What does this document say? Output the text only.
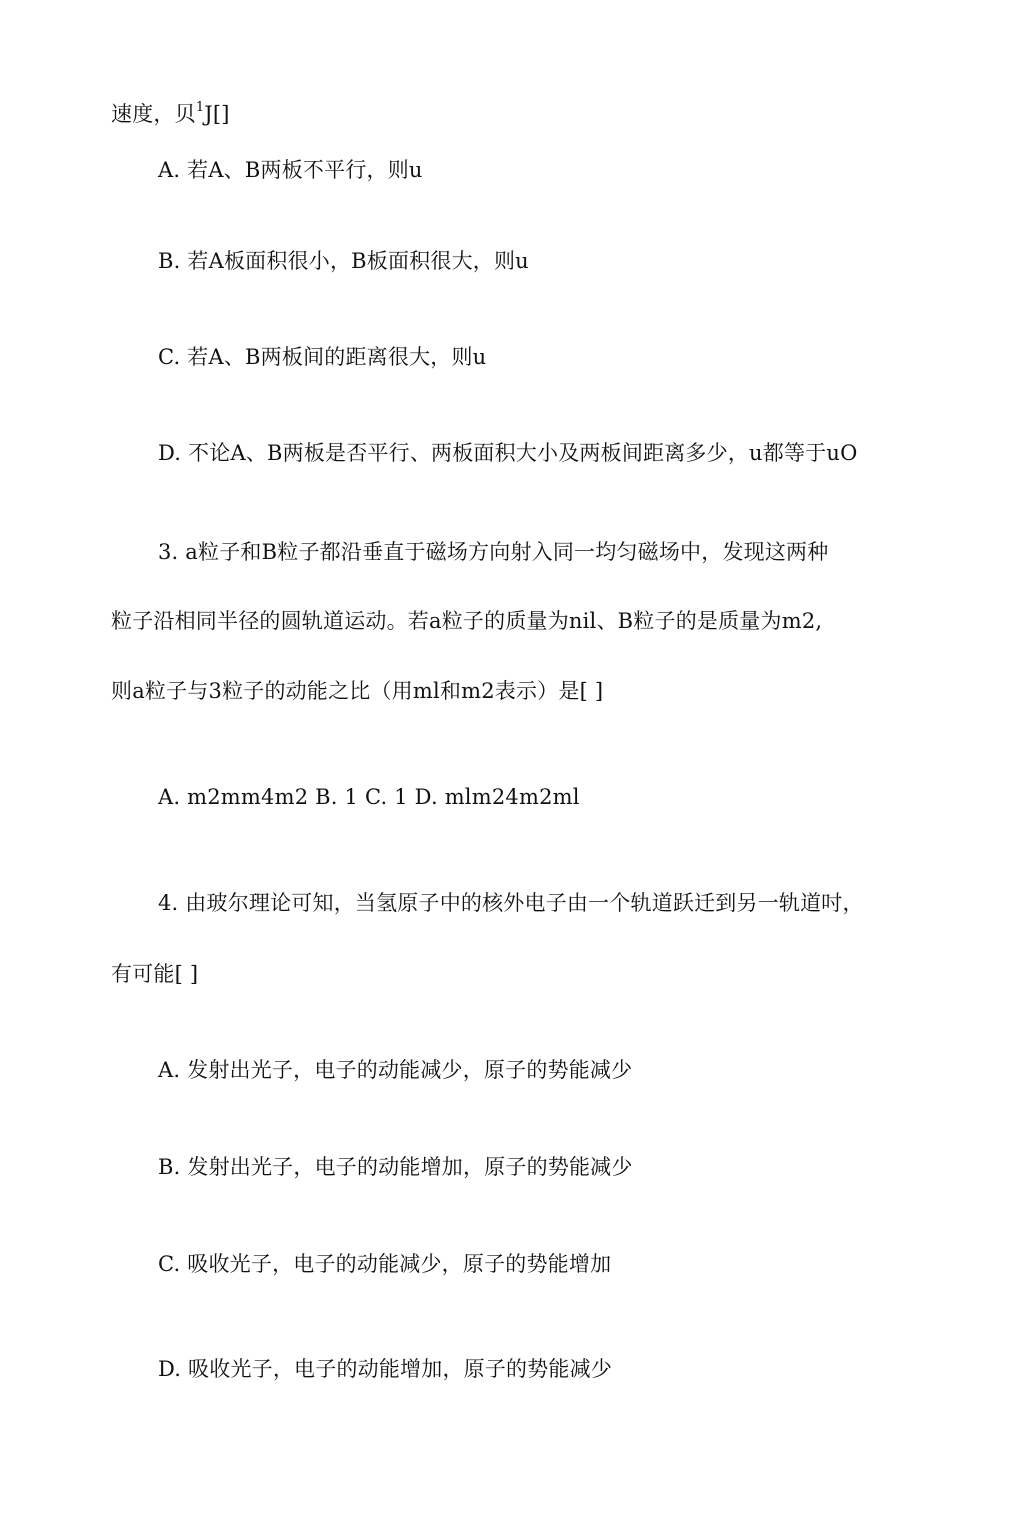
速度，贝$^1$J[]
A. 若A、B两板不平行，则u
B. 若A板面积很小，B板面积很大，则u
C. 若A、B两板间的距离很大，则u
D. 不论A、B两板是否平行、两板面积大小及两板间距离多少，u都等于uO
3. a粒子和B粒子都沿垂直于磁场方向射入同一均匀磁场中，发现这两种
粒子沿相同半径的圆轨道运动。若a粒子的质量为nil、B粒子的是质量为m2,
则a粒子与3粒子的动能之比（用ml和m2表示）是[ ]
A. m2mm4m2 B. 1 C. 1 D. mlm24m2ml
4. 由玻尔理论可知，当氢原子中的核外电子由一个轨道跃迁到另一轨道吋，
有可能[ ]
A. 发射出光子，电子的动能减少，原子的势能减少
B. 发射出光子，电子的动能增加，原子的势能减少
C. 吸收光子，电子的动能减少，原子的势能增加
D. 吸收光子，电子的动能增加，原子的势能减少
